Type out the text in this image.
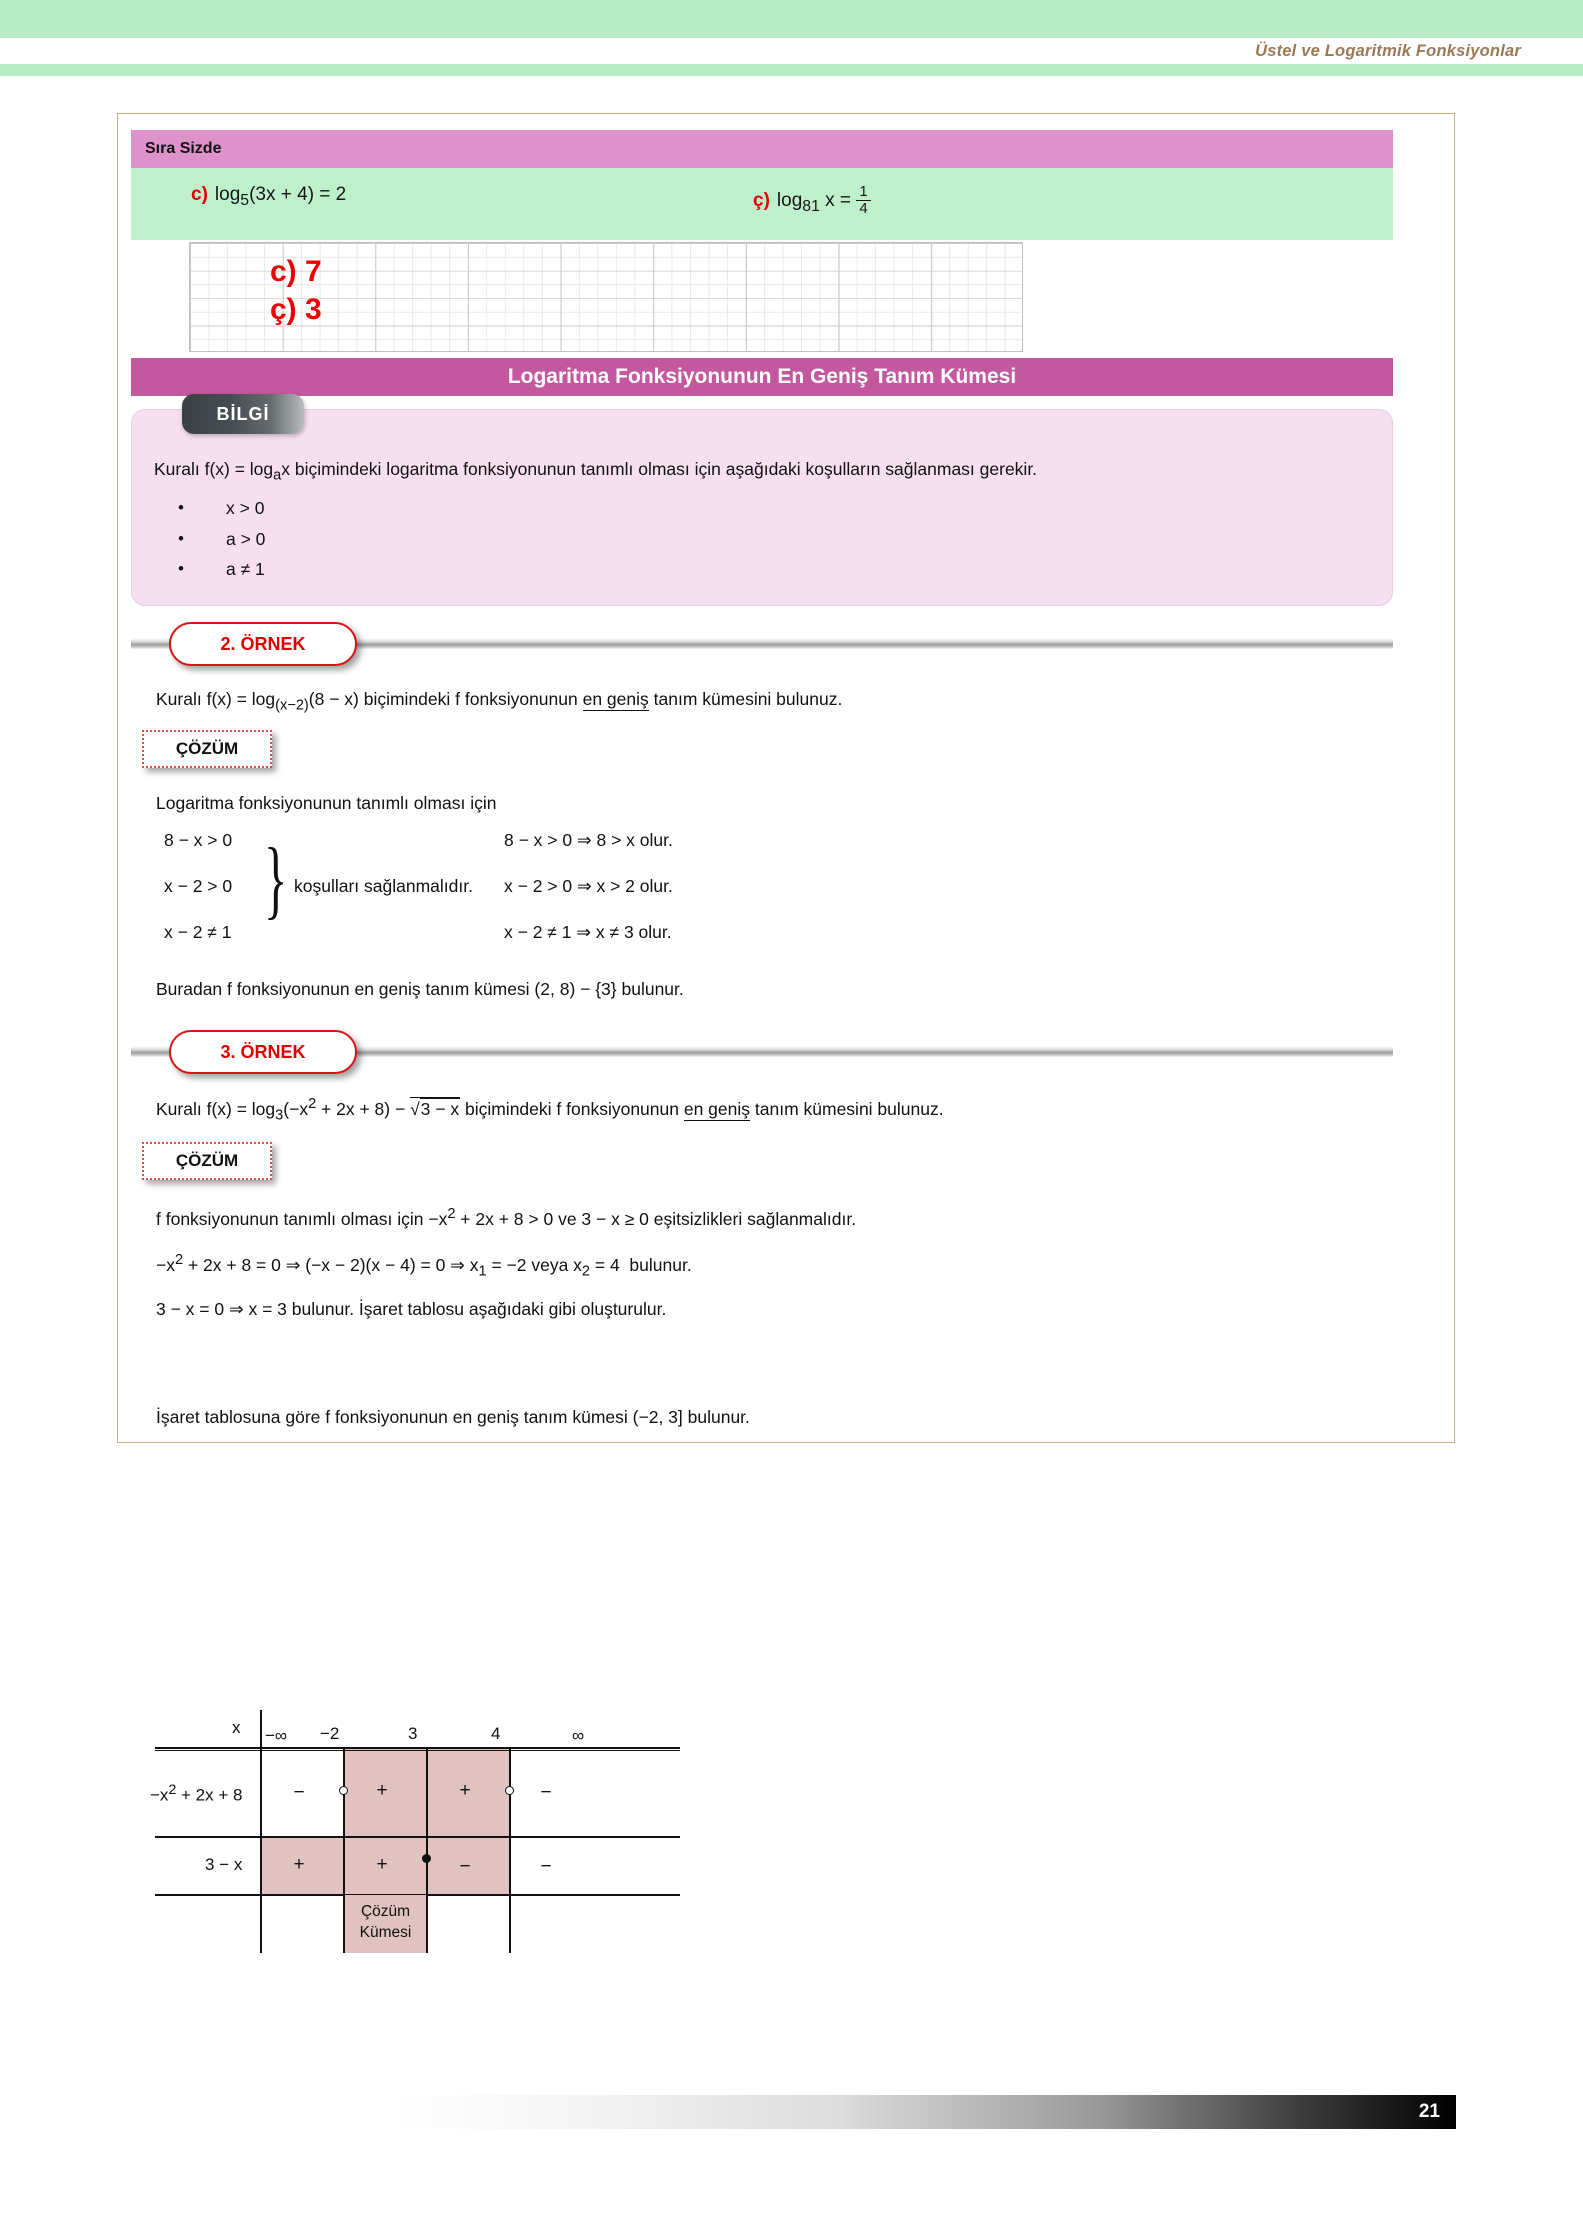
Üstel ve Logaritmik Fonksiyonlar
Sıra Sizde
c) $\log_5(3x + 4) = 2$	ç) $\log_{81} x = \frac{1}{4}$
c) 7
ç) 3
Logaritma Fonksiyonunun En Geniş Tanım Kümesi
BİLGİ
Kuralı $f(x) = \log_ax$ biçimindeki logaritma fonksiyonunun tanımlı olması için aşağıdaki koşulların sağlanması gerekir.
• x > 0
• a > 0
• a ≠ 1
2. ÖRNEK
Kuralı $f(x) = \log_{(x-2)}(8 - x)$ biçimindeki f fonksiyonunun en geniş tanım kümesini bulunuz.
ÇÖZÜM
Logaritma fonksiyonunun tanımlı olması için
8 − x > 0
x − 2 > 0
x − 2 ≠ 1
} koşulları sağlanmalıdır.
8 − x > 0 ⇒ 8 > x olur.
x − 2 > 0 ⇒ x > 2 olur.
x − 2 ≠ 1 ⇒ x ≠ 3 olur.
Buradan f fonksiyonunun en geniş tanım kümesi (2, 8) − {3} bulunur.
3. ÖRNEK
Kuralı $f(x) = \log_3(-x^2 + 2x + 8) - √3 - x$ biçimindeki f fonksiyonunun en geniş tanım kümesini bulunuz.
ÇÖZÜM
f fonksiyonunun tanımlı olması için $-x^2 + 2x + 8 > 0$ ve 3 − x ≥ 0 eşitsizlikleri sağlanmalıdır.
$-x^2 + 2x + 8 = 0$ ⇒ (−x − 2)(x − 4) = 0 ⇒ $x_1 = -2$ veya $x_2 = 4$  bulunur.
3 − x = 0 ⇒ x = 3 bulunur. İşaret tablosu aşağıdaki gibi oluşturulur.
İşaret tablosuna göre f fonksiyonunun en geniş tanım kümesi (−2, 3] bulunur.
x −∞ −2	3	4	∞
$-x^2 + 2x + 8$	−	+	+	−
3 − x	+	+	−	−
Çözüm
Kümesi
21
